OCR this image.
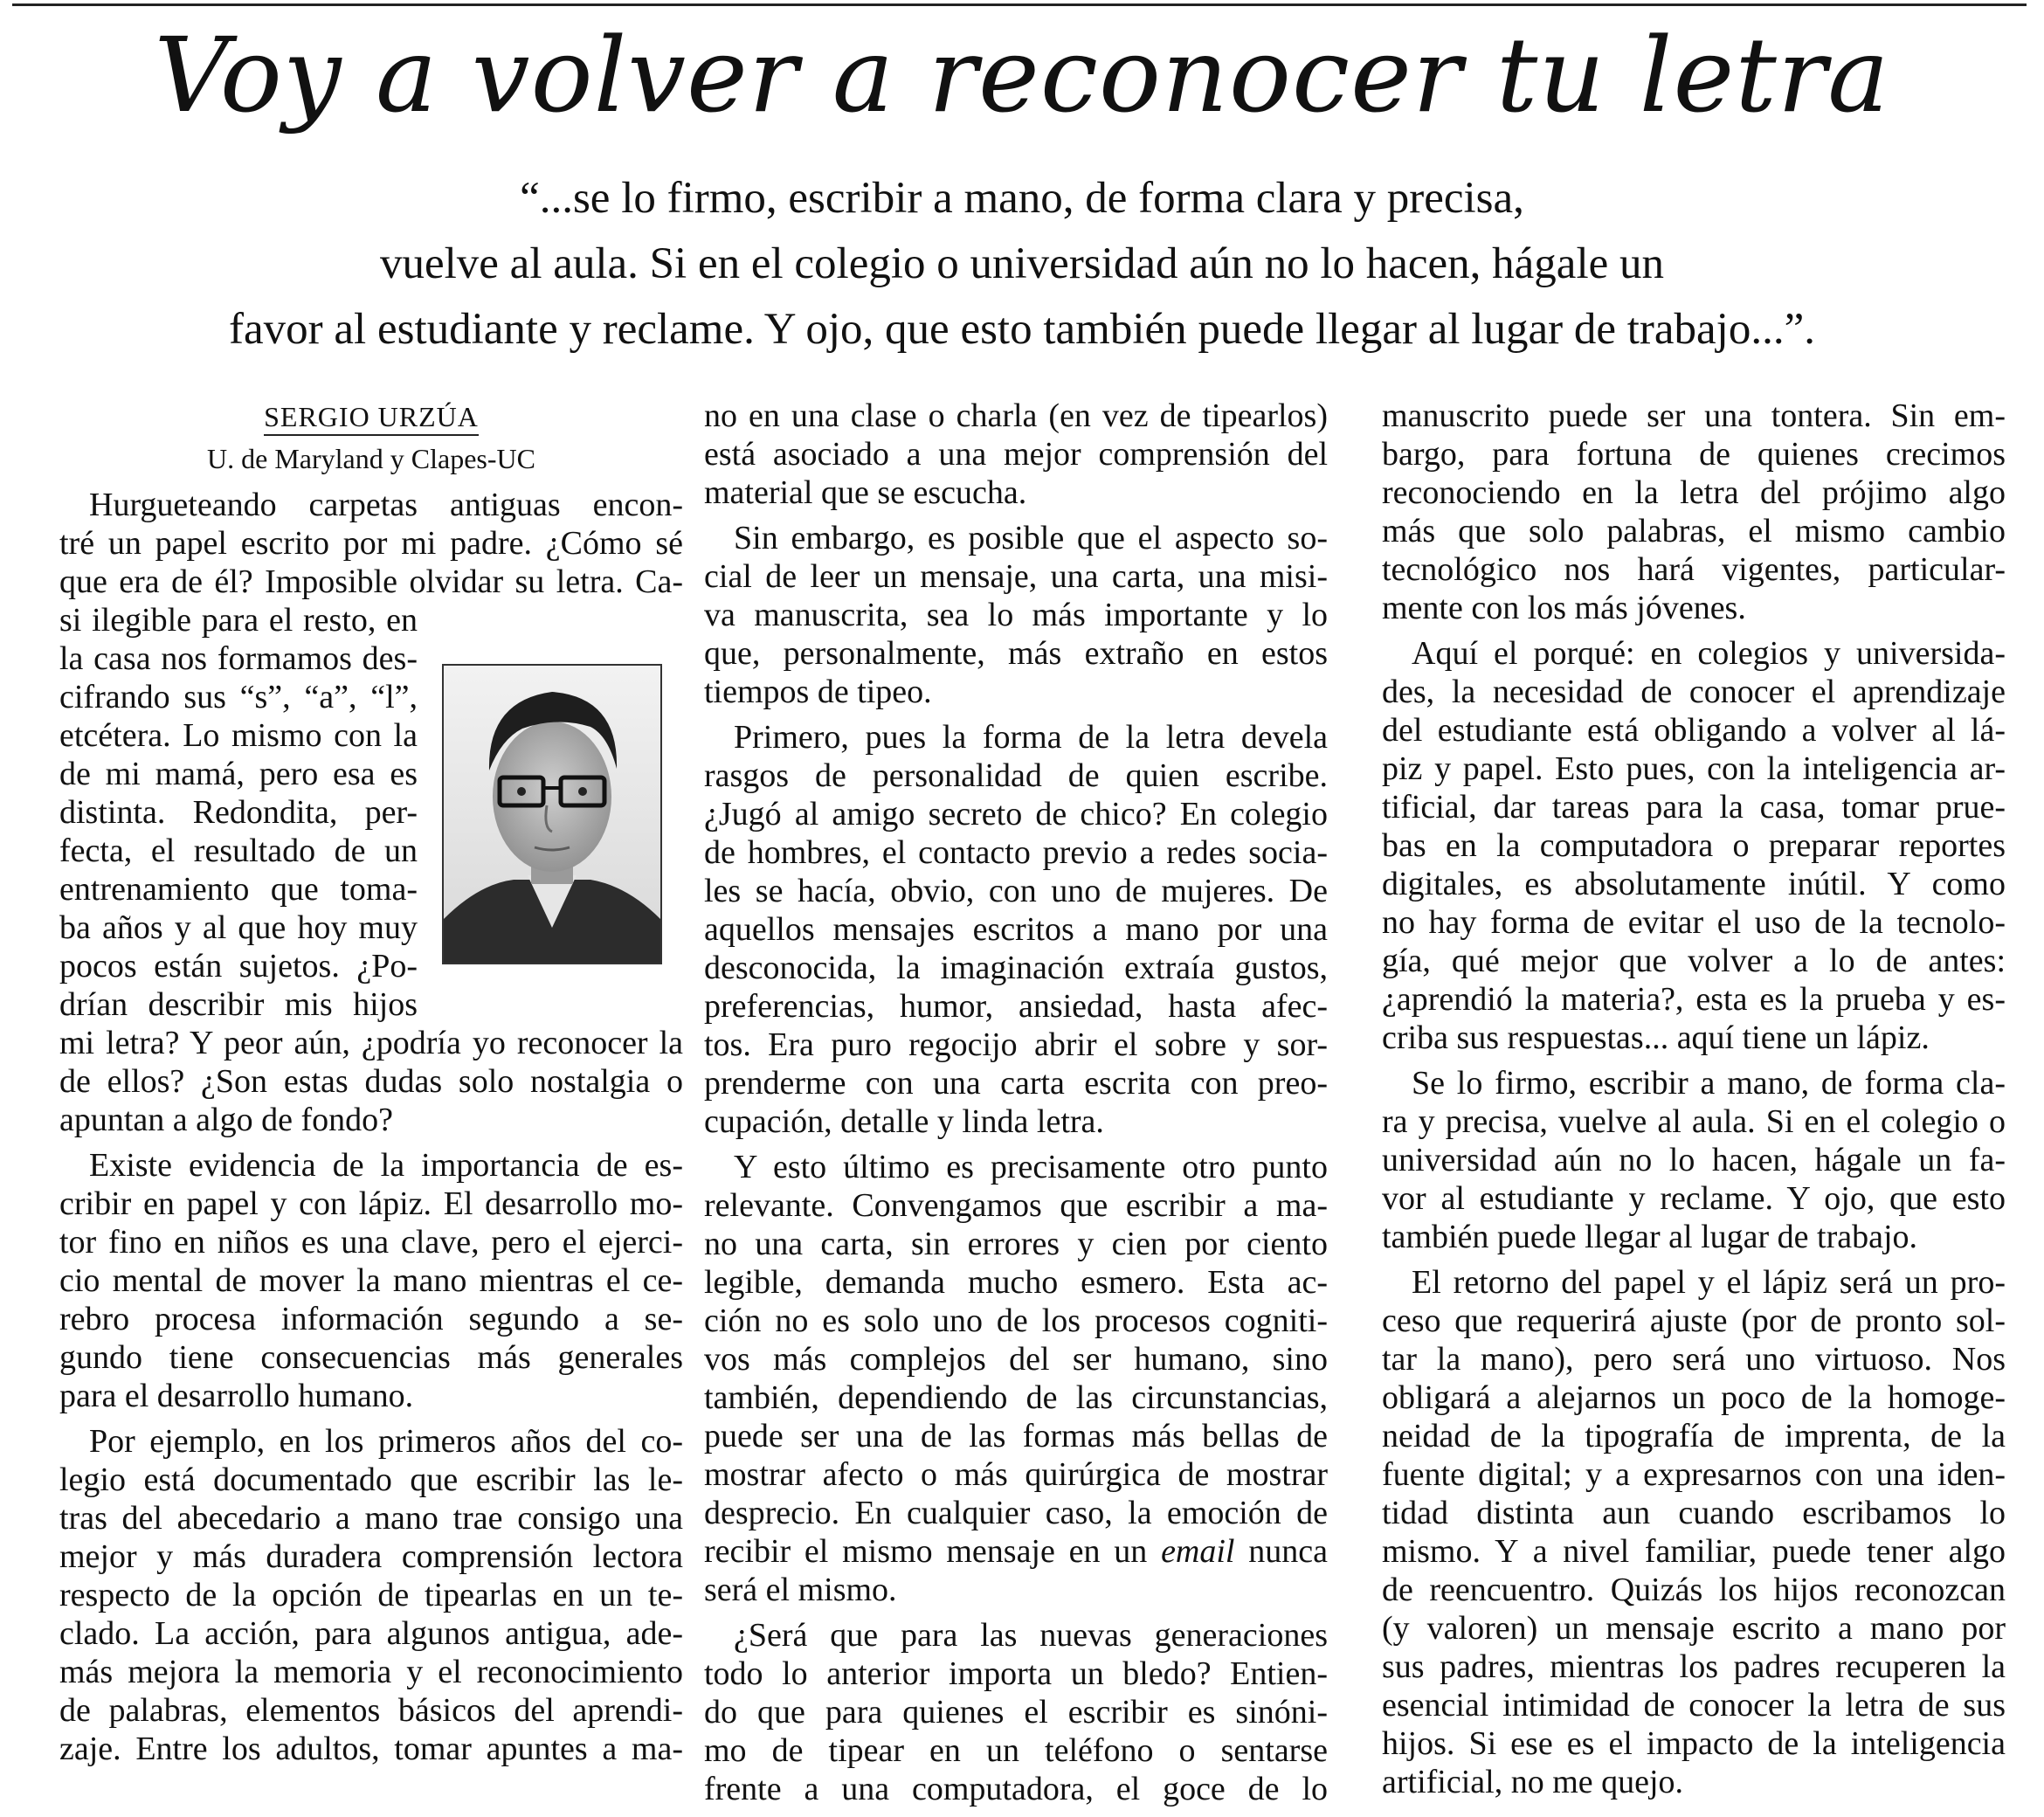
Voy a volver a reconocer tu letra
“...se lo firmo, escribir a mano, de forma clara y precisa,
vuelve al aula. Si en el colegio o universidad aún no lo hacen, hágale un
favor al estudiante y reclame. Y ojo, que esto también puede llegar al lugar de trabajo...”.
SERGIO URZÚA
U. de Maryland y Clapes-UC
Hurgueteando carpetas antiguas encon-
tré un papel escrito por mi padre. ¿Cómo sé
que era de él? Imposible olvidar su letra. Ca-
si ilegible para el resto, en
la casa nos formamos des-
cifrando sus “s”, “a”, “l”,
etcétera. Lo mismo con la
de mi mamá, pero esa es
distinta. Redondita, per-
fecta, el resultado de un
entrenamiento que toma-
ba años y al que hoy muy
pocos están sujetos. ¿Po-
drían describir mis hijos
mi letra? Y peor aún, ¿podría yo reconocer la
de ellos? ¿Son estas dudas solo nostalgia o
apuntan a algo de fondo?
Existe evidencia de la importancia de es-
cribir en papel y con lápiz. El desarrollo mo-
tor fino en niños es una clave, pero el ejerci-
cio mental de mover la mano mientras el ce-
rebro procesa información segundo a se-
gundo tiene consecuencias más generales
para el desarrollo humano.
Por ejemplo, en los primeros años del co-
legio está documentado que escribir las le-
tras del abecedario a mano trae consigo una
mejor y más duradera comprensión lectora
respecto de la opción de tipearlas en un te-
clado. La acción, para algunos antigua, ade-
más mejora la memoria y el reconocimiento
de palabras, elementos básicos del aprendi-
zaje. Entre los adultos, tomar apuntes a ma-
no en una clase o charla (en vez de tipearlos)
está asociado a una mejor comprensión del
material que se escucha.
Sin embargo, es posible que el aspecto so-
cial de leer un mensaje, una carta, una misi-
va manuscrita, sea lo más importante y lo
que, personalmente, más extraño en estos
tiempos de tipeo.
Primero, pues la forma de la letra devela
rasgos de personalidad de quien escribe.
¿Jugó al amigo secreto de chico? En colegio
de hombres, el contacto previo a redes socia-
les se hacía, obvio, con uno de mujeres. De
aquellos mensajes escritos a mano por una
desconocida, la imaginación extraía gustos,
preferencias, humor, ansiedad, hasta afec-
tos. Era puro regocijo abrir el sobre y sor-
prenderme con una carta escrita con preo-
cupación, detalle y linda letra.
Y esto último es precisamente otro punto
relevante. Convengamos que escribir a ma-
no una carta, sin errores y cien por ciento
legible, demanda mucho esmero. Esta ac-
ción no es solo uno de los procesos cogniti-
vos más complejos del ser humano, sino
también, dependiendo de las circunstancias,
puede ser una de las formas más bellas de
mostrar afecto o más quirúrgica de mostrar
desprecio. En cualquier caso, la emoción de
recibir el mismo mensaje en un email nunca
será el mismo.
¿Será que para las nuevas generaciones
todo lo anterior importa un bledo? Entien-
do que para quienes el escribir es sinóni-
mo de tipear en un teléfono o sentarse
frente a una computadora, el goce de lo
manuscrito puede ser una tontera. Sin em-
bargo, para fortuna de quienes crecimos
reconociendo en la letra del prójimo algo
más que solo palabras, el mismo cambio
tecnológico nos hará vigentes, particular-
mente con los más jóvenes.
Aquí el porqué: en colegios y universida-
des, la necesidad de conocer el aprendizaje
del estudiante está obligando a volver al lá-
piz y papel. Esto pues, con la inteligencia ar-
tificial, dar tareas para la casa, tomar prue-
bas en la computadora o preparar reportes
digitales, es absolutamente inútil. Y como
no hay forma de evitar el uso de la tecnolo-
gía, qué mejor que volver a lo de antes:
¿aprendió la materia?, esta es la prueba y es-
criba sus respuestas... aquí tiene un lápiz.
Se lo firmo, escribir a mano, de forma cla-
ra y precisa, vuelve al aula. Si en el colegio o
universidad aún no lo hacen, hágale un fa-
vor al estudiante y reclame. Y ojo, que esto
también puede llegar al lugar de trabajo.
El retorno del papel y el lápiz será un pro-
ceso que requerirá ajuste (por de pronto sol-
tar la mano), pero será uno virtuoso. Nos
obligará a alejarnos un poco de la homoge-
neidad de la tipografía de imprenta, de la
fuente digital; y a expresarnos con una iden-
tidad distinta aun cuando escribamos lo
mismo. Y a nivel familiar, puede tener algo
de reencuentro. Quizás los hijos reconozcan
(y valoren) un mensaje escrito a mano por
sus padres, mientras los padres recuperen la
esencial intimidad de conocer la letra de sus
hijos. Si ese es el impacto de la inteligencia
artificial, no me quejo.
